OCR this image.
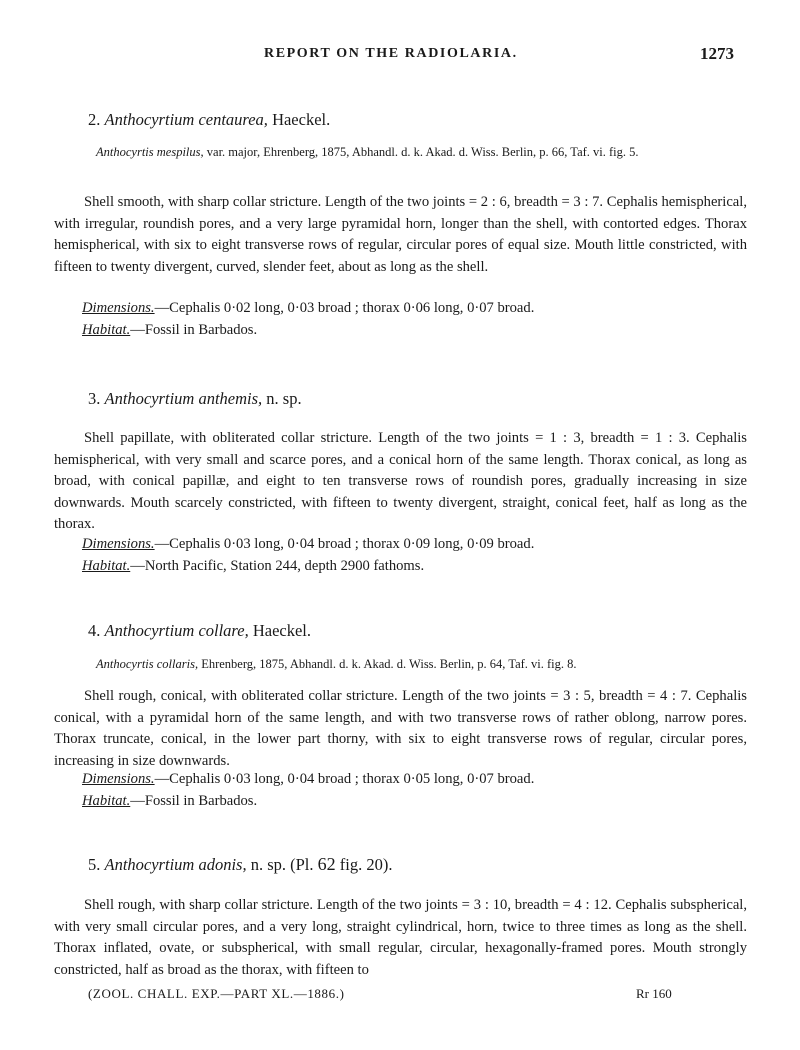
REPORT ON THE RADIOLARIA.	1273
2. Anthocyrtium centaurea, Haeckel.
Anthocyrtis mespilus, var. major, Ehrenberg, 1875, Abhandl. d. k. Akad. d. Wiss. Berlin, p. 66, Taf. vi. fig. 5.

Shell smooth, with sharp collar stricture. Length of the two joints = 2 : 6, breadth = 3 : 7. Cephalis hemispherical, with irregular, roundish pores, and a very large pyramidal horn, longer than the shell, with contorted edges. Thorax hemispherical, with six to eight transverse rows of regular, circular pores of equal size. Mouth little constricted, with fifteen to twenty divergent, curved, slender feet, about as long as the shell.

Dimensions.—Cephalis 0·02 long, 0·03 broad ; thorax 0·06 long, 0·07 broad.
Habitat.—Fossil in Barbados.
3. Anthocyrtium anthemis, n. sp.

Shell papillate, with obliterated collar stricture. Length of the two joints = 1 : 3, breadth = 1 : 3. Cephalis hemispherical, with very small and scarce pores, and a conical horn of the same length. Thorax conical, as long as broad, with conical papillæ, and eight to ten transverse rows of roundish pores, gradually increasing in size downwards. Mouth scarcely constricted, with fifteen to twenty divergent, straight, conical feet, half as long as the thorax.

Dimensions.—Cephalis 0·03 long, 0·04 broad ; thorax 0·09 long, 0·09 broad.
Habitat.—North Pacific, Station 244, depth 2900 fathoms.
4. Anthocyrtium collare, Haeckel.
Anthocyrtis collaris, Ehrenberg, 1875, Abhandl. d. k. Akad. d. Wiss. Berlin, p. 64, Taf. vi. fig. 8.

Shell rough, conical, with obliterated collar stricture. Length of the two joints = 3 : 5, breadth = 4 : 7. Cephalis conical, with a pyramidal horn of the same length, and with two transverse rows of rather oblong, narrow pores. Thorax truncate, conical, in the lower part thorny, with six to eight transverse rows of regular, circular pores, increasing in size downwards.

Dimensions.—Cephalis 0·03 long, 0·04 broad ; thorax 0·05 long, 0·07 broad.
Habitat.—Fossil in Barbados.
5. Anthocyrtium adonis, n. sp. (Pl. 62 fig. 20).

Shell rough, with sharp collar stricture. Length of the two joints = 3 : 10, breadth = 4 : 12. Cephalis subspherical, with very small circular pores, and a very long, straight cylindrical, horn, twice to three times as long as the shell. Thorax inflated, ovate, or subspherical, with small regular, circular, hexagonally-framed pores. Mouth strongly constricted, half as broad as the thorax, with fifteen to

(ZOOL. CHALL. EXP.—PART XL.—1886.)	Rr 160
